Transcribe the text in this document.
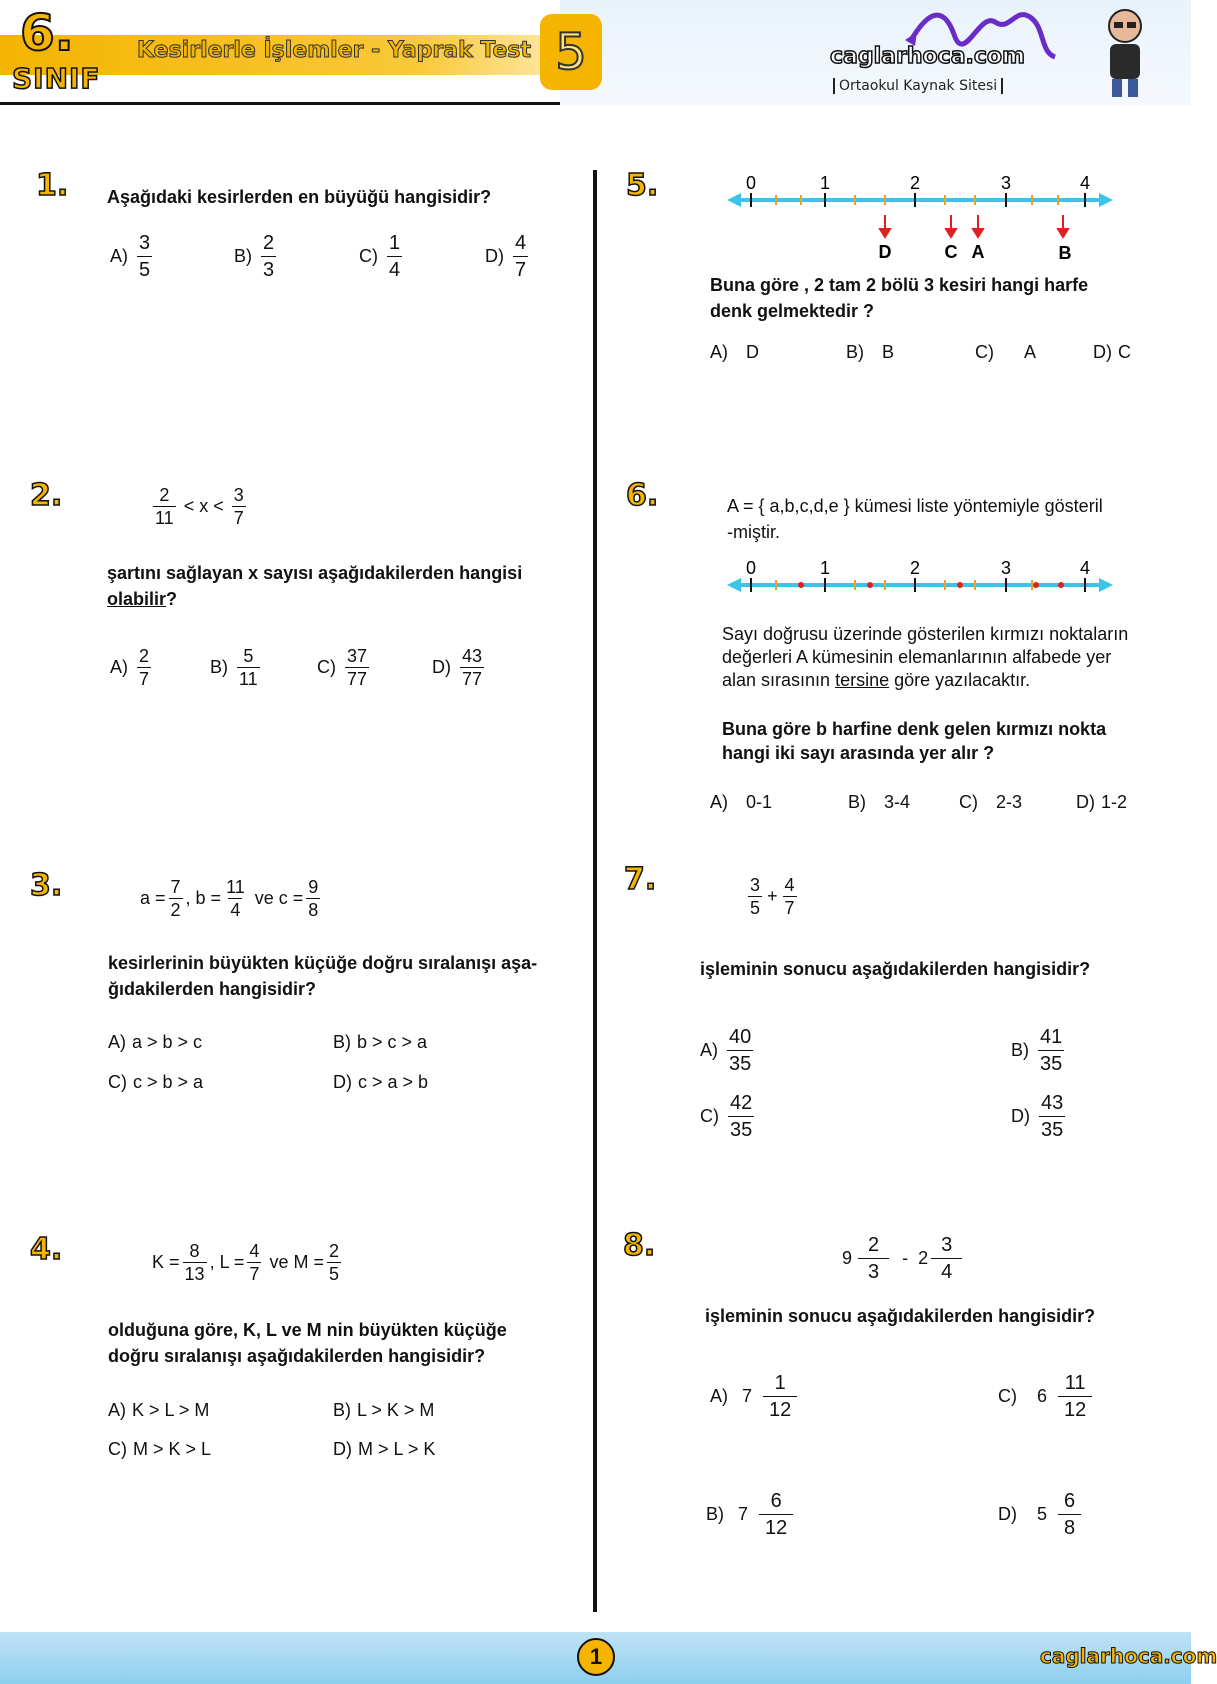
6.
SINIF
Kesirlerle İşlemler - Yaprak Test 5	caglarhoca.com
Ortaokul Kaynak Sitesi
1. Aşağıdaki kesirlerden en büyüğü hangisidir?
$A) \frac{3}{5}$	$B) \frac{2}{3}$	$C) \frac{1}{4}$	$D) \frac{4}{7}$
2.	$\frac{2}{11} < x < \frac{3}{7}$
şartını sağlayan x sayısı aşağıdakilerden hangisi
olabilir?
$A) \frac{2}{7}$	$B) \frac{5}{11}$	$C) \frac{37}{77}$	$D) \frac{43}{77}$
3.	$a = \frac{7}{2}$ , $b = \frac{11}{4}$ ve $c = \frac{9}{8}$
kesirlerinin büyükten küçüğe doğru sıralanışı aşa-
ğıdakilerden hangisidir?
A) a > b > c	B) b > c > a
C) c > b > a	D) c > a > b
4.	$K = \frac{8}{13}$ , $L = \frac{4}{7}$ ve $M = \frac{2}{5}$
olduğuna göre, K, L ve M nin büyükten küçüğe
doğru sıralanışı aşağıdakilerden hangisidir?
A) K > L > M	B) L > K > M
C) M > K > L	D) M > L > K
5.	0	1	2	3	4
D	C A	B
Buna göre , 2 tam 2 bölü 3 kesiri hangi harfe
denk gelmektedir ?
A) D	B) B	C) A	D) C
6.	A = { a,b,c,d,e } kümesi liste yöntemiyle gösteril
-miştir.
0	1	2	3	4
Sayı doğrusu üzerinde gösterilen kırmızı noktaların
değerleri A kümesinin elemanlarının alfabede yer
alan sırasının tersine göre yazılacaktır.
Buna göre b harfine denk gelen kırmızı nokta
hangi iki sayı arasında yer alır ?
A) 0-1	B) 3-4	C) 2-3	D) 1-2
7.	$\frac{3}{5} + \frac{4}{7}$
işleminin sonucu aşağıdakilerden hangisidir?
$A) \frac{40}{35}$	$B) \frac{41}{35}$
$C) \frac{42}{35}$	$D) \frac{43}{35}$
8.	$9 \frac{2}{3} - 2 \frac{3}{4}$
işleminin sonucu aşağıdakilerden hangisidir?
A) $7 \frac{1}{12}$	C) $6 \frac{11}{12}$
B) $7 \frac{6}{12}$	D) $5 \frac{6}{8}$
1	caglarhoca.com
